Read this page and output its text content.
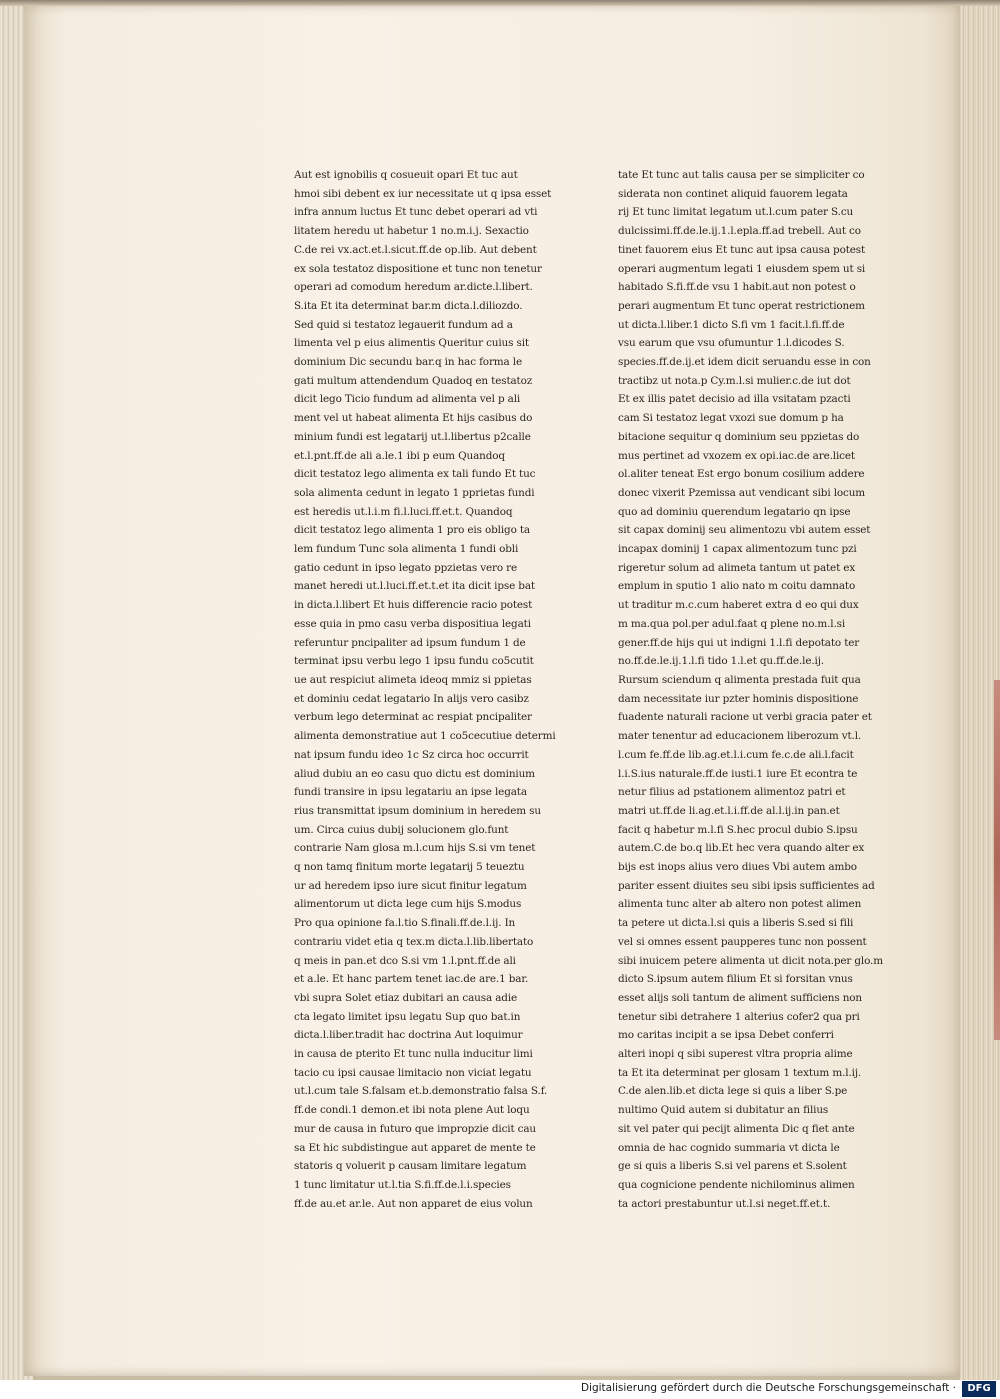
Aut est ignobilis q cosueuit opari Et tuc aut

hmoi sibi debent ex iur necessitate ut q ipsa esset

infra annum luctus Et tunc debet operari ad vti

litatem heredu ut habetur 1 no.m.i.j. Sexactio

C.de rei vx.act.et.l.sicut.ff.de op.lib. Aut debent

ex sola testatoz dispositione et tunc non tenetur

operari ad comodum heredum ar.dicte.l.libert.

S.ita Et ita determinat bar.m dicta.l.diliozdo.

Sed quid si testatoz legauerit fundum ad a

limenta vel p eius alimentis Queritur cuius sit

dominium Dic secundu bar.q in hac forma le

gati multum attendendum Quadoq en testatoz

dicit lego Ticio fundum ad alimenta vel p ali

ment vel ut habeat alimenta Et hijs casibus do

minium fundi est legatarij ut.l.libertus p2calle

et.l.pnt.ff.de ali a.le.1 ibi p eum Quandoq

dicit testatoz lego alimenta ex tali fundo Et tuc

sola alimenta cedunt in legato 1 pprietas fundi

est heredis ut.l.i.m fi.l.luci.ff.et.t. Quandoq

dicit testatoz lego alimenta 1 pro eis obligo ta

lem fundum Tunc sola alimenta 1 fundi obli

gatio cedunt in ipso legato ppzietas vero re

manet heredi ut.l.luci.ff.et.t.et ita dicit ipse bat

in dicta.l.libert Et huis differencie racio potest

esse quia in pmo casu verba dispositiua legati

referuntur pncipaliter ad ipsum fundum 1 de

terminat ipsu verbu lego 1 ipsu fundu co5cutit

ue aut respiciut alimeta ideoq mmiz si ppietas

et dominiu cedat legatario In alijs vero casibz

verbum lego determinat ac respiat pncipaliter

alimenta demonstratiue aut 1 co5cecutiue determi

nat ipsum fundu ideo 1c Sz circa hoc occurrit

aliud dubiu an eo casu quo dictu est dominium

fundi transire in ipsu legatariu an ipse legata

rius transmittat ipsum dominium in heredem su

um. Circa cuius dubij solucionem glo.funt

contrarie Nam glosa m.l.cum hijs S.si vm tenet

q non tamq finitum morte legatarij 5 teueztu

ur ad heredem ipso iure sicut finitur legatum

alimentorum ut dicta lege cum hijs S.modus

Pro qua opinione fa.l.tio S.finali.ff.de.l.ij. In

contrariu videt etia q tex.m dicta.l.lib.libertato

q meis in pan.et dco S.si vm 1.l.pnt.ff.de ali

et a.le. Et hanc partem tenet iac.de are.1 bar.

vbi supra Solet etiaz dubitari an causa adie

cta legato limitet ipsu legatu Sup quo bat.in

dicta.l.liber.tradit hac doctrina Aut loquimur

in causa de pterito Et tunc nulla inducitur limi

tacio cu ipsi causae limitacio non viciat legatu

ut.l.cum tale S.falsam et.b.demonstratio falsa S.f.

ff.de condi.1 demon.et ibi nota plene Aut loqu

mur de causa in futuro que impropzie dicit cau

sa Et hic subdistingue aut apparet de mente te

statoris q voluerit p causam limitare legatum

1 tunc limitatur ut.l.tia S.fi.ff.de.l.i.species

ff.de au.et ar.le. Aut non apparet de eius volun

tate Et tunc aut talis causa per se simpliciter co

siderata non continet aliquid fauorem legata

rij Et tunc limitat legatum ut.l.cum pater S.cu

dulcissimi.ff.de.le.ij.1.l.epla.ff.ad trebell. Aut co

tinet fauorem eius Et tunc aut ipsa causa potest

operari augmentum legati 1 eiusdem spem ut si

habitado S.fi.ff.de vsu 1 habit.aut non potest o

perari augmentum Et tunc operat restrictionem

ut dicta.l.liber.1 dicto S.fi vm 1 facit.l.fi.ff.de

vsu earum que vsu ofumuntur 1.l.dicodes S.

species.ff.de.ij.et idem dicit seruandu esse in con

tractibz ut nota.p Cy.m.l.si mulier.c.de iut dot

Et ex illis patet decisio ad illa vsitatam pzacti

cam Si testatoz legat vxozi sue domum p ha

bitacione sequitur q dominium seu ppzietas do

mus pertinet ad vxozem ex opi.iac.de are.licet

ol.aliter teneat Est ergo bonum cosilium addere

donec vixerit Pzemissa aut vendicant sibi locum

quo ad dominiu querendum legatario qn ipse

sit capax dominij seu alimentozu vbi autem esset

incapax dominij 1 capax alimentozum tunc pzi

rigeretur solum ad alimeta tantum ut patet ex

emplum in sputio 1 alio nato m coitu damnato

ut traditur m.c.cum haberet extra d eo qui dux

m ma.qua pol.per adul.faat q plene no.m.l.si

gener.ff.de hijs qui ut indigni 1.l.fi depotato ter

no.ff.de.le.ij.1.l.fi tido 1.l.et qu.ff.de.le.ij.

Rursum sciendum q alimenta prestada fuit qua

dam necessitate iur pzter hominis dispositione

fuadente naturali racione ut verbi gracia pater et

mater tenentur ad educacionem liberozum vt.l.

l.cum fe.ff.de lib.ag.et.l.i.cum fe.c.de ali.l.facit

l.i.S.ius naturale.ff.de iusti.1 iure Et econtra te

netur filius ad pstationem alimentoz patri et

matri ut.ff.de li.ag.et.l.i.ff.de al.l.ij.in pan.et

facit q habetur m.l.fi S.hec procul dubio S.ipsu

autem.C.de bo.q lib.Et hec vera quando alter ex

bijs est inops alius vero diues Vbi autem ambo

pariter essent diuites seu sibi ipsis sufficientes ad

alimenta tunc alter ab altero non potest alimen

ta petere ut dicta.l.si quis a liberis S.sed si fili

vel si omnes essent paupperes tunc non possent

sibi inuicem petere alimenta ut dicit nota.per glo.m

dicto S.ipsum autem filium Et si forsitan vnus

esset alijs soli tantum de aliment sufficiens non

tenetur sibi detrahere 1 alterius cofer2 qua pri

mo caritas incipit a se ipsa Debet conferri

alteri inopi q sibi superest vltra propria alime

ta Et ita determinat per glosam 1 textum m.l.ij.

C.de alen.lib.et dicta lege si quis a liber S.pe

nultimo Quid autem si dubitatur an filius

sit vel pater qui pecijt alimenta Dic q fiet ante

omnia de hac cognido summaria vt dicta le

ge si quis a liberis S.si vel parens et S.solent

qua cognicione pendente nichilominus alimen

ta actori prestabuntur ut.l.si neget.ff.et.t.

Digitalisierung gefördert durch die Deutsche Forschungsgemeinschaft ·	DFG
